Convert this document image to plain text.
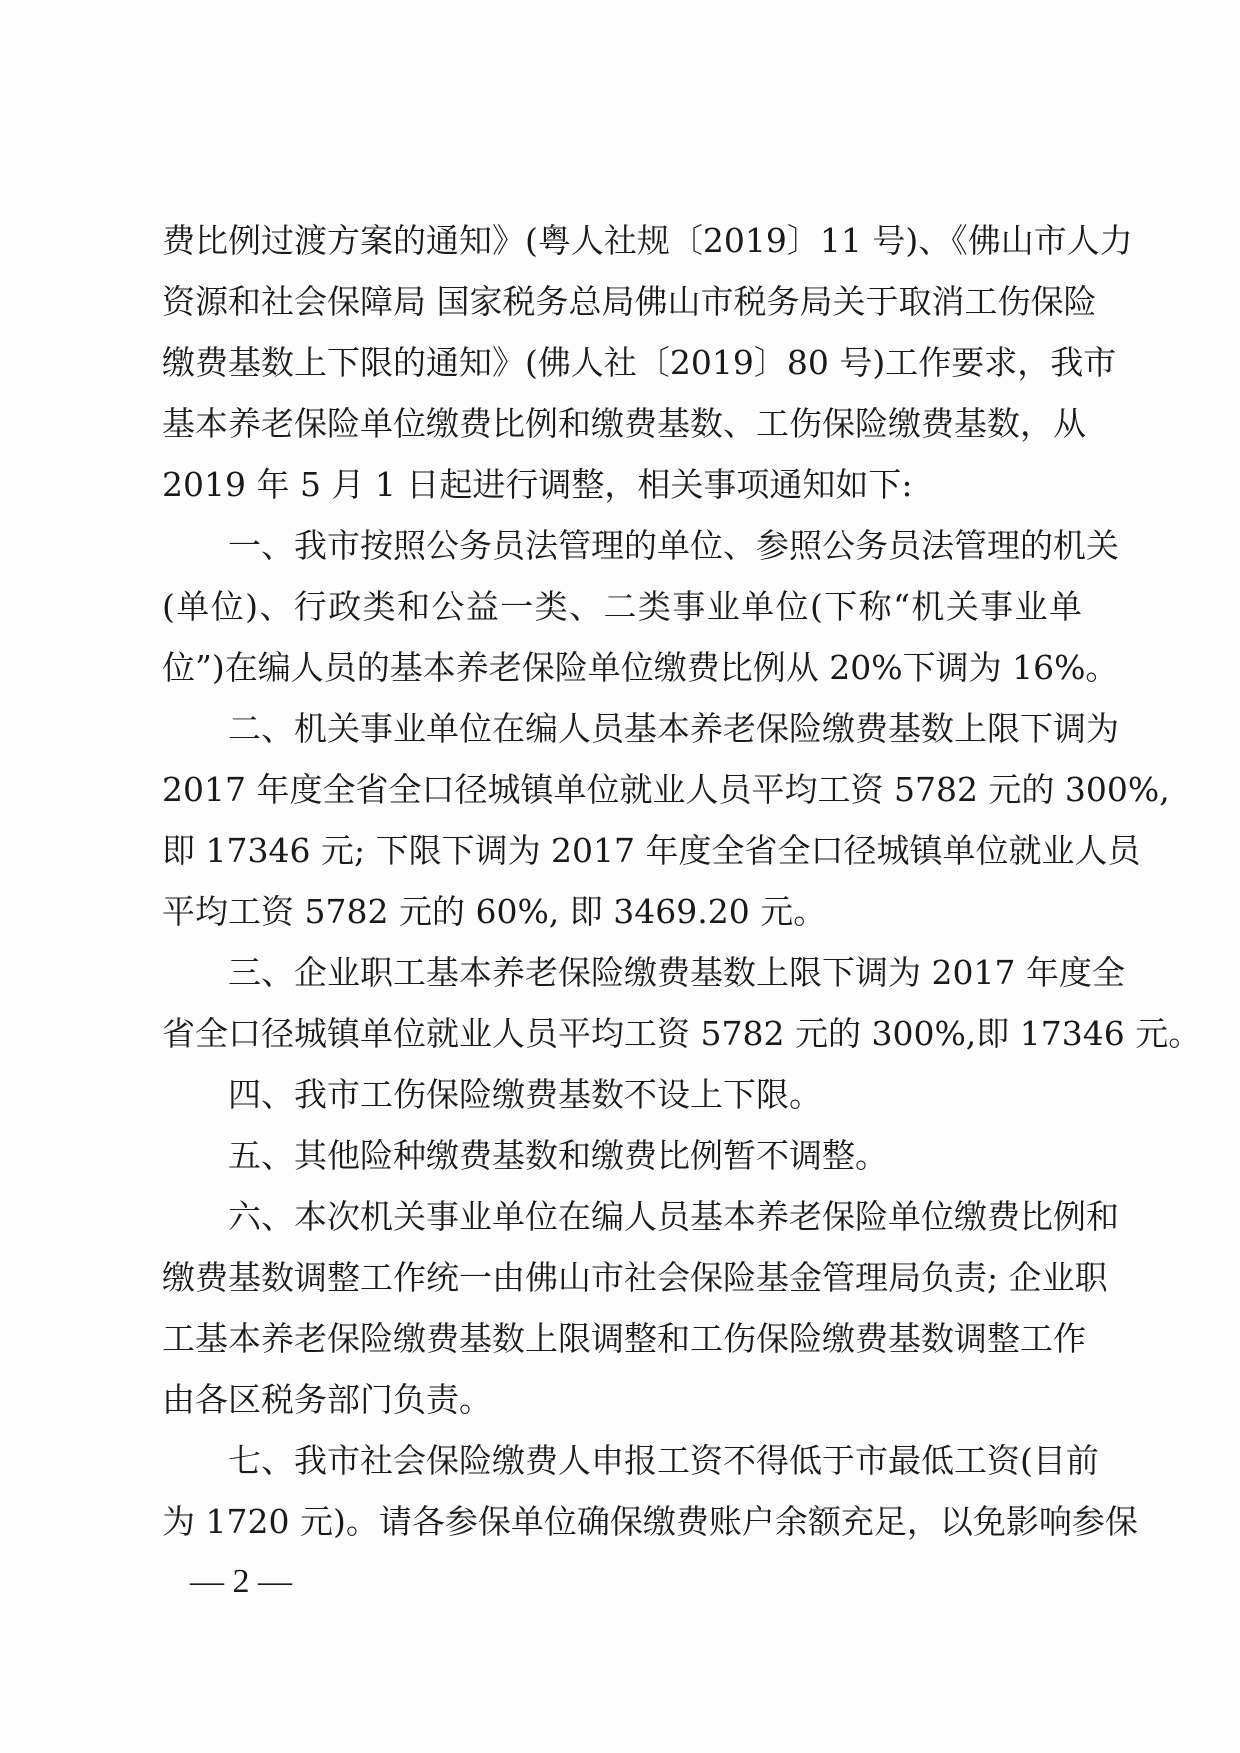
费比例过渡方案的通知》(粤人社规〔2019〕11 号)、《佛山市人力
资源和社会保障局 国家税务总局佛山市税务局关于取消工伤保险
缴费基数上下限的通知》(佛人社〔2019〕80 号)工作要求，我市
基本养老保险单位缴费比例和缴费基数、工伤保险缴费基数，从
2019 年 5 月 1 日起进行调整，相关事项通知如下:
　　一、我市按照公务员法管理的单位、参照公务员法管理的机关
(单位)、行政类和公益一类、二类事业单位(下称“机关事业单
位”)在编人员的基本养老保险单位缴费比例从 20%下调为 16%。
　　二、机关事业单位在编人员基本养老保险缴费基数上限下调为
2017 年度全省全口径城镇单位就业人员平均工资 5782 元的 300%,
即 17346 元; 下限下调为 2017 年度全省全口径城镇单位就业人员
平均工资 5782 元的 60%, 即 3469.20 元。
　　三、企业职工基本养老保险缴费基数上限下调为 2017 年度全
省全口径城镇单位就业人员平均工资 5782 元的 300%,即 17346 元。
　　四、我市工伤保险缴费基数不设上下限。
　　五、其他险种缴费基数和缴费比例暂不调整。
　　六、本次机关事业单位在编人员基本养老保险单位缴费比例和
缴费基数调整工作统一由佛山市社会保险基金管理局负责; 企业职
工基本养老保险缴费基数上限调整和工伤保险缴费基数调整工作
由各区税务部门负责。
　　七、我市社会保险缴费人申报工资不得低于市最低工资(目前
为 1720 元)。请各参保单位确保缴费账户余额充足，以免影响参保
— 2 —
